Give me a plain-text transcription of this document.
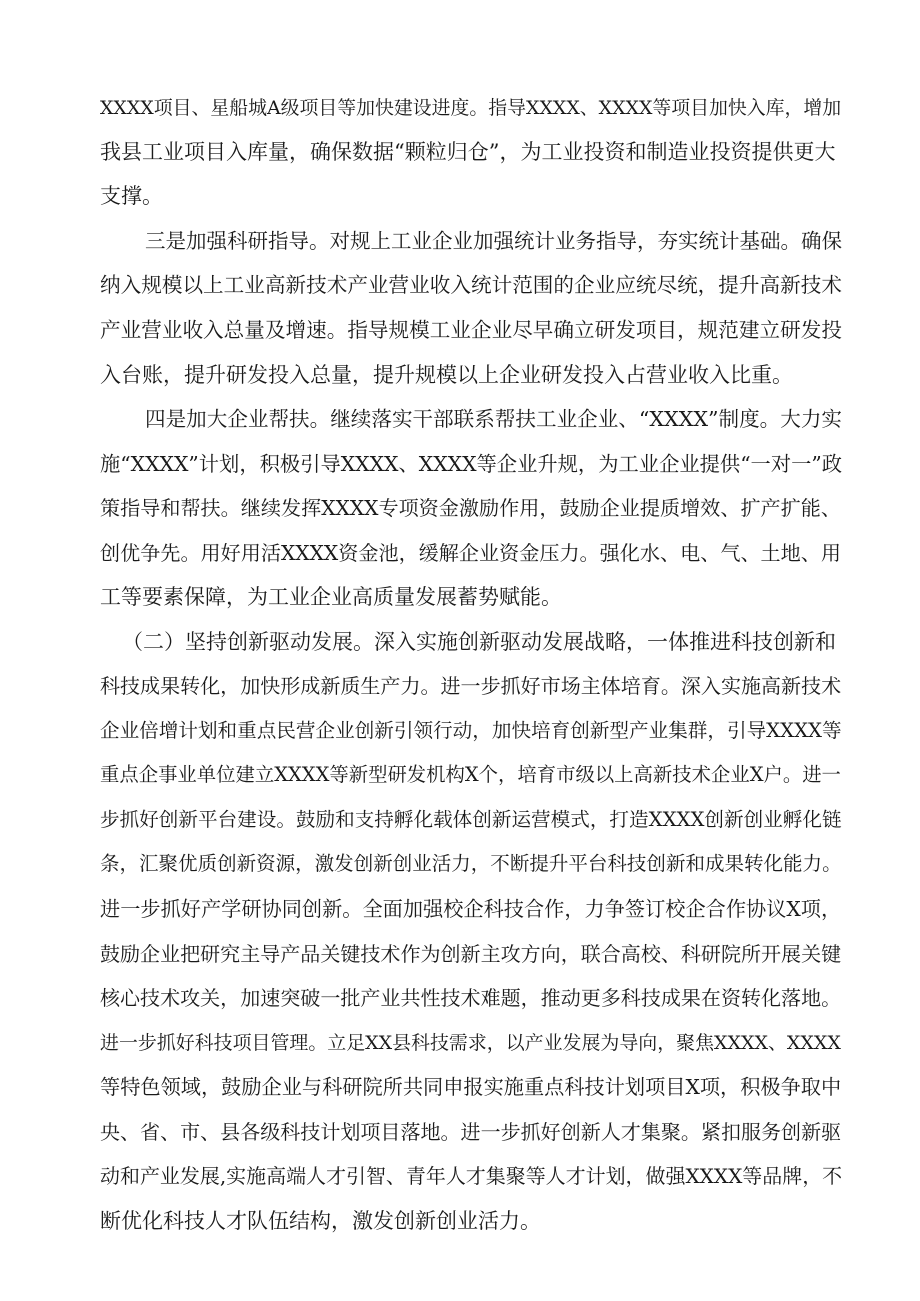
XXXX项目、星船城A级项目等加快建设进度。指导XXXX、XXXX等项目加快入库，增加
我县工业项目入库量，确保数据“颗粒归仓”，为工业投资和制造业投资提供更大
支撑。
三是加强科研指导。对规上工业企业加强统计业务指导，夯实统计基础。确保
纳入规模以上工业高新技术产业营业收入统计范围的企业应统尽统，提升高新技术
产业营业收入总量及增速。指导规模工业企业尽早确立研发项目，规范建立研发投
入台账，提升研发投入总量，提升规模以上企业研发投入占营业收入比重。
四是加大企业帮扶。继续落实干部联系帮扶工业企业、“XXXX”制度。大力实
施“XXXX”计划，积极引导XXXX、XXXX等企业升规，为工业企业提供“一对一”政
策指导和帮扶。继续发挥XXXX专项资金激励作用，鼓励企业提质增效、扩产扩能、
创优争先。用好用活XXXX资金池，缓解企业资金压力。强化水、电、气、土地、用
工等要素保障，为工业企业高质量发展蓄势赋能。
（二）坚持创新驱动发展。深入实施创新驱动发展战略，一体推进科技创新和
科技成果转化，加快形成新质生产力。进一步抓好市场主体培育。深入实施高新技术
企业倍增计划和重点民营企业创新引领行动，加快培育创新型产业集群，引导XXXX等
重点企事业单位建立XXXX等新型研发机构X个，培育市级以上高新技术企业X户。进一
步抓好创新平台建设。鼓励和支持孵化载体创新运营模式，打造XXXX创新创业孵化链
条，汇聚优质创新资源，激发创新创业活力，不断提升平台科技创新和成果转化能力。
进一步抓好产学研协同创新。全面加强校企科技合作，力争签订校企合作协议X项，
鼓励企业把研究主导产品关键技术作为创新主攻方向，联合高校、科研院所开展关键
核心技术攻关，加速突破一批产业共性技术难题，推动更多科技成果在资转化落地。
进一步抓好科技项目管理。立足XX县科技需求，以产业发展为导向，聚焦XXXX、XXXX
等特色领域，鼓励企业与科研院所共同申报实施重点科技计划项目X项，积极争取中
央、省、市、县各级科技计划项目落地。进一步抓好创新人才集聚。紧扣服务创新驱
动和产业发展,实施高端人才引智、青年人才集聚等人才计划，做强XXXX等品牌，不
断优化科技人才队伍结构，激发创新创业活力。
